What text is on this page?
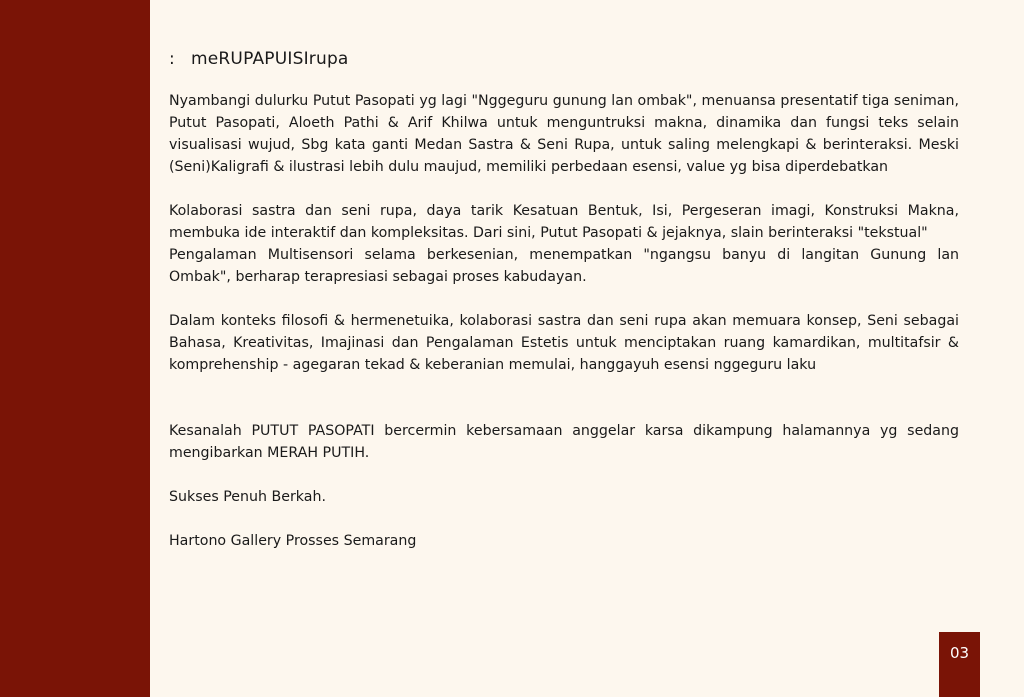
: meRUPAPUISIrupa

Nyambangi dulurku Putut Pasopati yg lagi "Nggeguru gunung lan ombak", menuansa presentatif tiga seniman, Putut Pasopati, Aloeth Pathi & Arif Khilwa untuk menguntruksi makna, dinamika dan fungsi teks selain visualisasi wujud, Sbg kata ganti Medan Sastra & Seni Rupa, untuk saling melengkapi & berinteraksi. Meski (Seni)Kaligrafi & ilustrasi lebih dulu maujud, memiliki perbedaan esensi, value yg bisa diperdebatkan

Kolaborasi sastra dan seni rupa, daya tarik Kesatuan Bentuk, Isi, Pergeseran imagi, Konstruksi Makna, membuka ide interaktif dan kompleksitas. Dari sini, Putut Pasopati & jejaknya, slain berinteraksi "tekstual"

Pengalaman Multisensori selama berkesenian, menempatkan "ngangsu banyu di langitan Gunung lan Ombak", berharap terapresiasi sebagai proses kabudayan.

Dalam konteks filosofi & hermenetuika, kolaborasi sastra dan seni rupa akan memuara konsep, Seni sebagai Bahasa, Kreativitas, Imajinasi dan Pengalaman Estetis untuk menciptakan ruang kamardikan, multitafsir & komprehenship - agegaran tekad & keberanian memulai, hanggayuh esensi nggeguru laku

Kesanalah PUTUT PASOPATI bercermin kebersamaan anggelar karsa dikampung halamannya yg sedang mengibarkan MERAH PUTIH.

Sukses Penuh Berkah.

Hartono Gallery Prosses Semarang

03
